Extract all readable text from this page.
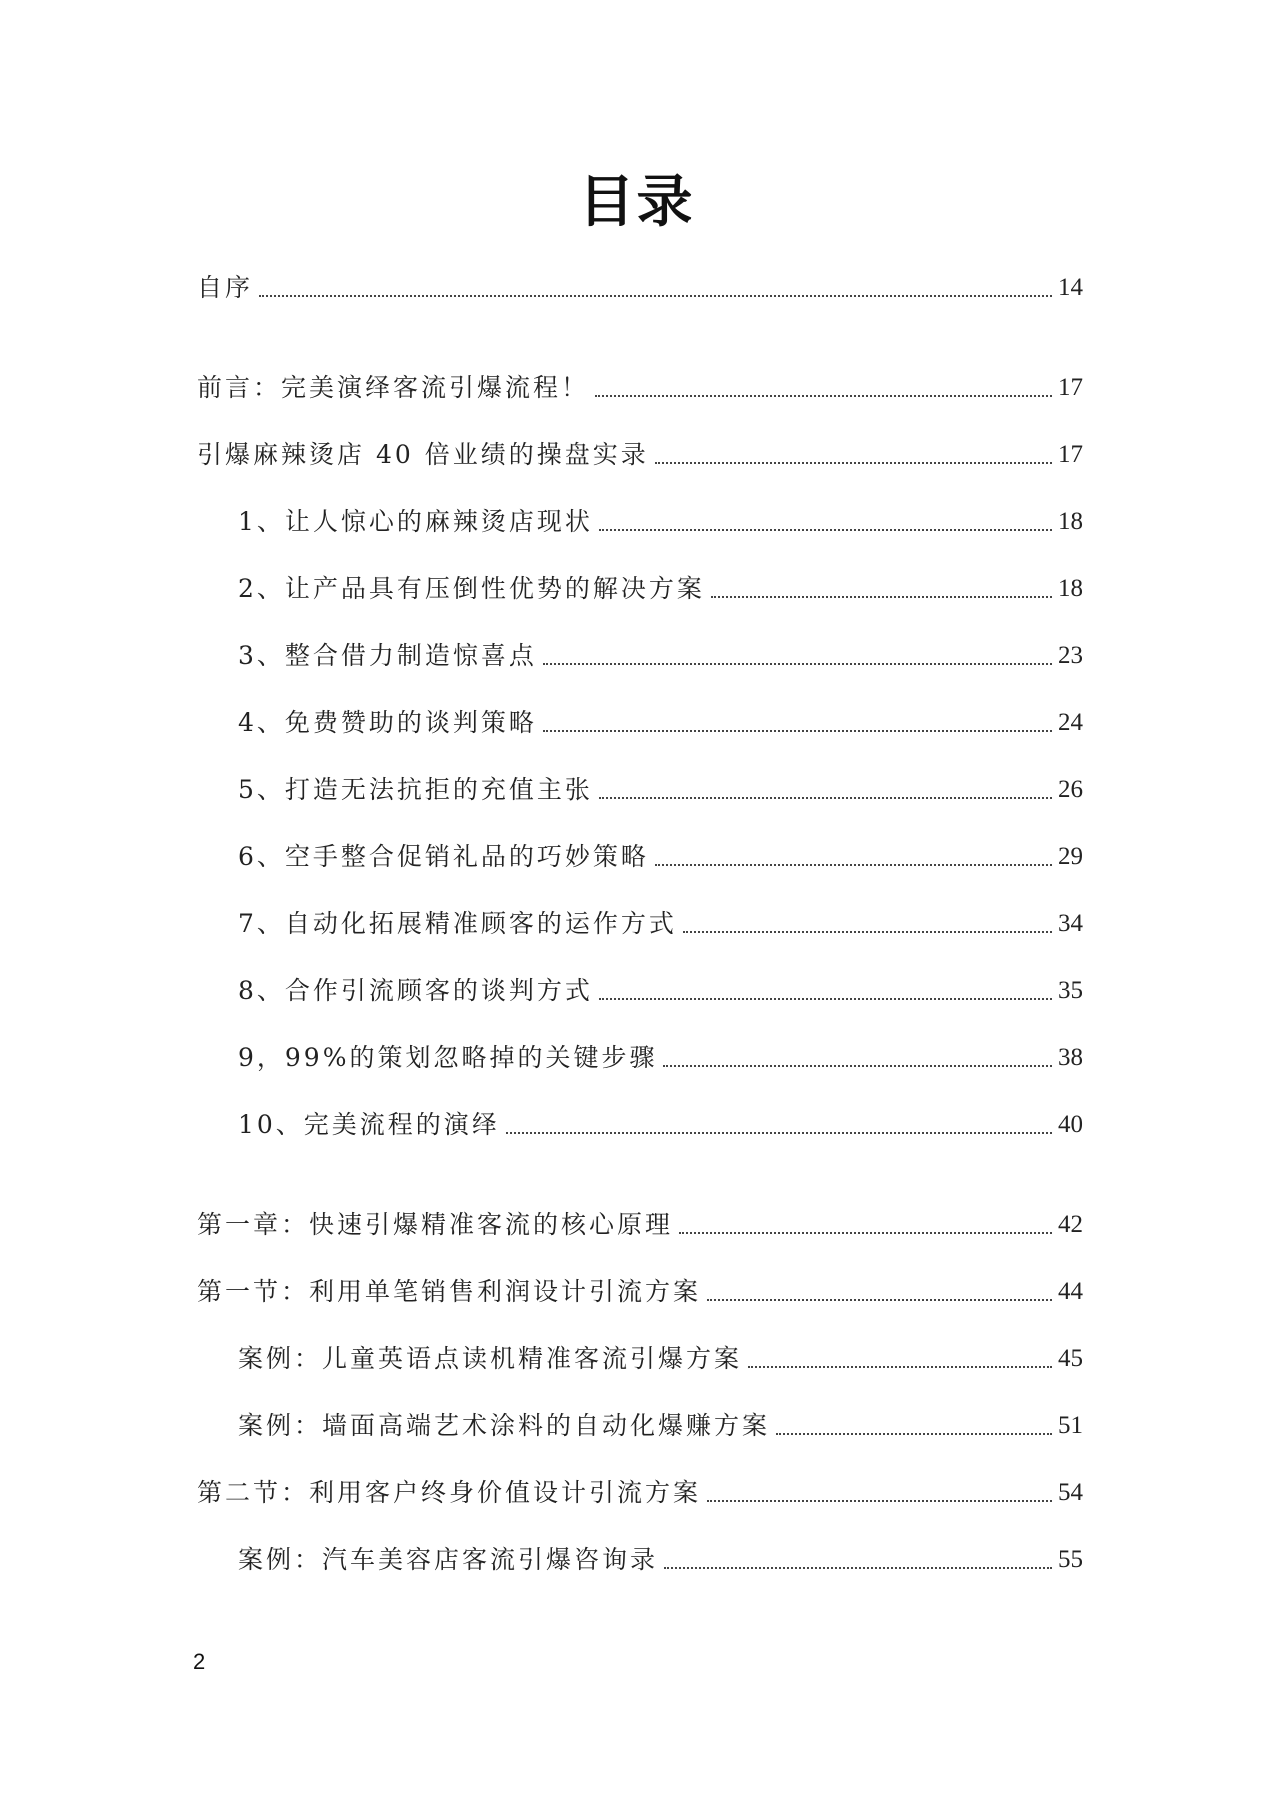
目录
自序	14
前言：完美演绎客流引爆流程！	17
引爆麻辣烫店 40 倍业绩的操盘实录	17
1、让人惊心的麻辣烫店现状	18
2、让产品具有压倒性优势的解决方案	18
3、整合借力制造惊喜点	23
4、免费赞助的谈判策略	24
5、打造无法抗拒的充值主张	26
6、空手整合促销礼品的巧妙策略	29
7、自动化拓展精准顾客的运作方式	34
8、合作引流顾客的谈判方式	35
9，99%的策划忽略掉的关键步骤	38
10、完美流程的演绎	40
第一章：快速引爆精准客流的核心原理	42
第一节：利用单笔销售利润设计引流方案	44
案例：儿童英语点读机精准客流引爆方案	45
案例：墙面高端艺术涂料的自动化爆赚方案	51
第二节：利用客户终身价值设计引流方案	54
案例：汽车美容店客流引爆咨询录	55
2
